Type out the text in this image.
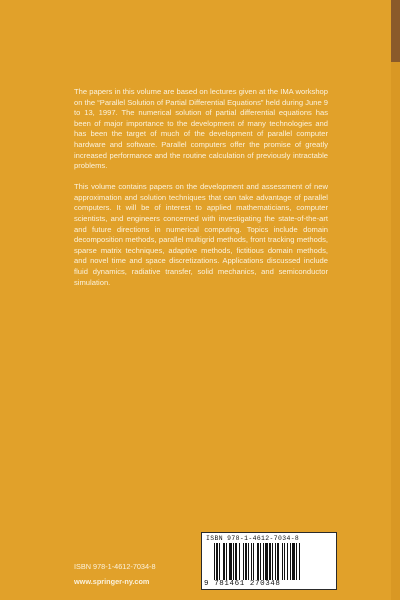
The papers in this volume are based on lectures given at the IMA workshop on the “Parallel Solution of Partial Differential Equations” held during June 9 to 13, 1997. The numerical solution of partial differential equations has been of major importance to the development of many technologies and has been the target of much of the development of parallel computer hardware and software. Parallel computers offer the promise of greatly increased performance and the routine calculation of previously intractable problems.

This volume contains papers on the development and assessment of new approximation and solution techniques that can take advantage of parallel computers. It will be of interest to applied mathematicians, computer scientists, and engineers concerned with investigating the state-of-the-art and future directions in numerical computing. Topics include domain decomposition methods, parallel multigrid methods, front tracking methods, sparse matrix techniques, adaptive methods, fictitious domain methods, and novel time and space discretizations. Applications discussed include fluid dynamics, radiative transfer, solid mechanics, and semiconductor simulation.

ISBN 978-1-4612-7034-8
www.springer-ny.com
ISBN 978-1-4612-7034-8
9 781461 270348
